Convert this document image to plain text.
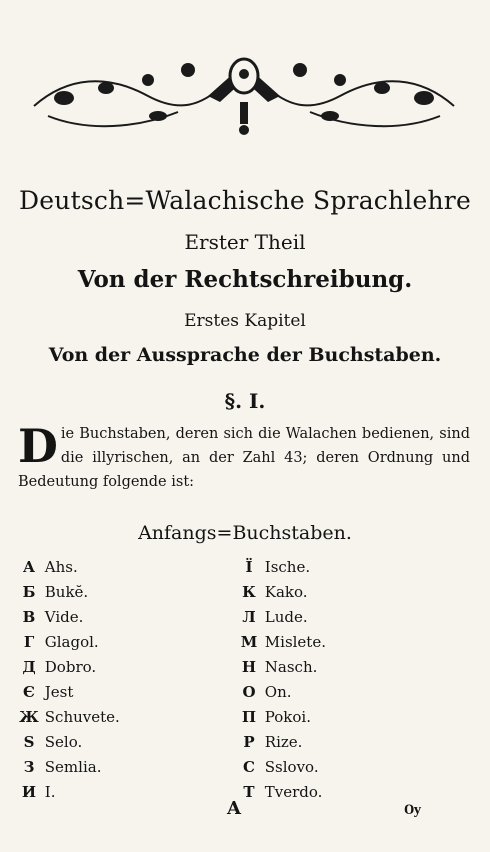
Deutsch=Walachische Sprachlehre
Erster Theil
Von der Rechtschreibung.
Erstes Kapitel
Von der Aussprache der Buchstaben.
§. I.
Die Buchstaben, deren sich die Walachen bedienen, sind die illyrischen, an der Zahl 43; deren Ordnung und Bedeutung folgende ist:
Anfangs=Buchstaben.
А Ahs.
Б Bukĕ.
В Vide.
Г Glagol.
Д Dobro.
Є Jest
Ж Schuvete.
Ѕ Selo.
З Semlia.
И I.
Ї Ische.
К Kako.
Л Lude.
М Mislete.
Н Nasch.
О On.
П Pokoi.
Р Rize.
С Sslovo.
Т Tverdo.
A	Ѹ
